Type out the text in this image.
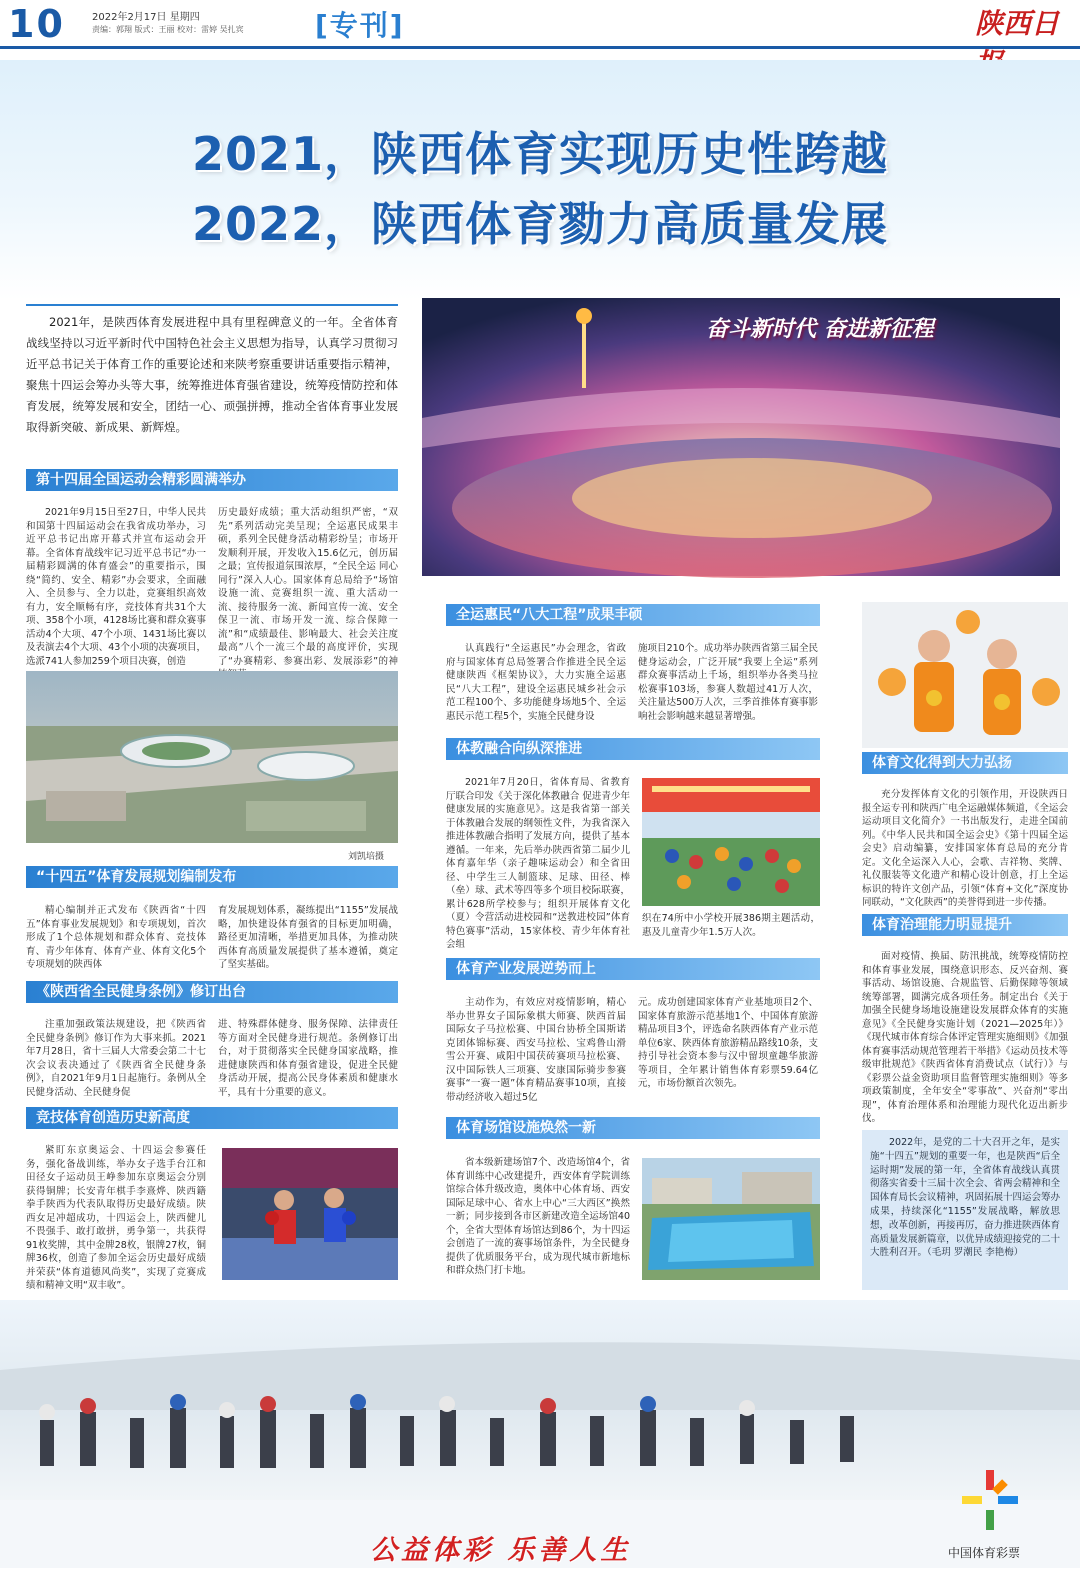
10	2022年2月17日 星期四
责编：郭翔 版式：王丽 校对：雷婷 吴扎宾	[专刊]	陕西日
2021，陕西体育实现历史性跨越
2022，陕西体育勠力高质量发展
2021年，是陕西体育发展进程中具有里程碑意义的一年。全省体育战线坚持以习近平新时代中国特色社会主义思想为指导，认真学习贯彻习近平总书记关于体育工作的重要论述和来陕考察重要讲话重要指示精神，聚焦十四运会筹办头等大事，统筹推进体育强省建设，统筹疫情防控和体育发展，统筹发展和安全，团结一心、顽强拼搏，推动全省体育事业发展取得新突破、新成果、新辉煌。
奋斗新时代 奋进新征程
第十四届全国运动会精彩圆满举办
2021年9月15日至27日，中华人民共和国第十四届运动会在我省成功举办，习近平总书记出席开幕式并宣布运动会开幕。全省体育战线牢记习近平总书记“办一届精彩圆满的体育盛会”的重要指示，围绕“简约、安全、精彩”办会要求，全面融入、全员参与、全力以赴，竞赛组织高效有力，安全顺畅有序，竞技体育共31个大项、358个小项，4128场比赛和群众赛事活动4个大项、47个小项、1431场比赛以及表演去4个大项、43个小项的决赛项目，选派741人参加259个项目决赛，创造
历史最好成绩；重大活动组织严密，“双先”系列活动完美呈现；全运惠民成果丰硕，系列全民健身活动精彩纷呈；市场开发顺利开展，开发收入15.6亿元，创历届之最；宣传报道氛围浓厚，“全民全运 同心同行”深入人心。国家体育总局给予“场馆设施一流、竞赛组织一流、重大活动一流、接待服务一流、新闻宣传一流、安全保卫一流、市场开发一流、综合保障一流”和“成绩最佳、影响最大、社会关注度最高”八个一流三个最的高度评价，实现了“办赛精彩、参赛出彩、发展添彩”的神
刘凯培摄
“十四五”体育发展规划编制发布
精心编制并正式发布《陕西省“十四五”体育事业发展规划》和专项规划，首次形成了1个总体规划和群众体育、竞技体育、青少年体育、体育产业、体育文化5个专项规划的陕西体
育发展规划体系，凝练提出“1155”发展战略，加快建设体育强省的目标更加明确，路径更加清晰，举措更加具体，为推动陕西体育高质量发展提供了基本遵循，奠定了坚实基础。
《陕西省全民健身条例》修订出台
注重加强政策法规建设，把《陕西省全民健身条例》修订作为大事来抓。2021年7月28日，省十三届人大常委会第二十七次会议表决通过了《陕西省全民健身条例》，自2021年9月1日起施行。条例从全民健身活动、全民健身促
进、特殊群体健身、服务保障、法律责任等方面对全民健身进行规范。条例修订出台，对于贯彻落实全民健身国家战略，推进健康陕西和体育强省建设，促进全民健身活动开展，提高公民身体素质和健康水平，具有十分重要的意义。
竞技体育创造历史新高度
紧盯东京奥运会、十四运会参赛任务，强化备战训练，举办女子选手台江和田径女子运动员王峥参加东京奥运会分别获得铜牌；长安青年棋手李熹烨、陕西籍拳手陕西为代表队取得历史最好成绩。陕西女足冲超成功，十四运会上，陕西健儿不畏强手、敢打敢拼，勇争第一，共获得91枚奖牌，其中金牌28枚，银牌27枚，铜牌36枚，创造了参加全运会历史最好成绩并荣获“体育道德风尚奖”，实现了竞赛成绩和精神文明“双丰收”。
全运惠民“八大工程”成果丰硕
认真践行“全运惠民”办会理念，省政府与国家体育总局签署合作推进全民全运健康陕西《框架协议》，大力实施全运惠民“八大工程”，建设全运惠民城乡社会示范工程100个、多功能健身场地5个、全运惠民示范工程5个，实施全民健身设
施项目210个。成功举办陕西省第三届全民健身运动会，广泛开展“我要上全运”系列群众赛事活动上千场，组织举办各类马拉松赛事103场，参赛人数超过41万人次，关注量达500万人次，三季首推体育赛事影响社会影响越来越显著增强。
体教融合向纵深推进
2021年7月20日，省体育局、省教育厅联合印发《关于深化体教融合 促进青少年健康发展的实施意见》。这是我省第一部关于体教融合发展的纲领性文件，为我省深入推进体教融合指明了发展方向，提供了基本遵循。一年来，先后举办陕西省第二届少儿体育嘉年华（亲子趣味运动会）和全省田径、中学生三人制篮球、足球、田径、棒（垒）球、武术等四等多个项目校际联赛，累计628所学校参与；组织开展体育文化（夏）令营活动进校园和“送教进校园”体育特色赛事”活动，15家体校、青少年体育社会组
织在74所中小学校开展386期主题活动，惠及儿童青少年1.5万人次。
体育产业发展逆势而上
主动作为，有效应对疫情影响，精心举办世界女子国际象棋大师赛、陕西首届国际女子马拉松赛、中国台协桥全国斯诺克团体锦标赛、西安马拉松、宝鸡鲁山滑雪公开赛、咸阳中国茯砖赛项马拉松赛、汉中国际铁人三项赛、安康国际骑步参赛赛事“一赛一题”体育精品赛事10项，直接带动经济收入超过5亿
元。成功创建国家体育产业基地项目2个、国家体育旅游示范基地1个、中国体育旅游精品项目3个，评选命名陕西体育产业示范单位6家、陕西体育旅游精品路线10条，支持引导社会资本参与汉中留坝童趣华旅游等项目，全年累计销售体育彩票59.64亿元，市场份额首次领先。
体育场馆设施焕然一新
省本级新建场馆7个、改造场馆4个，省体育训练中心改建提升，西安体育学院训练馆综合体升级改造，奥体中心体育场、西安国际足球中心、省水上中心“三大西区”换然一新；同步接到各市区新建改造全运场馆40个，全省大型体育场馆达到86个，为十四运会创造了一流的赛事场馆条件，为全民健身提供了优质服务平台，成为现代城市新地标和群众热门打卡地。
体育文化得到大力弘扬
充分发挥体育文化的引领作用，开设陕西日报全运专刊和陕西广电全运融媒体频道，《全运会运动项目文化简介》一书出版发行，走进全国前列。《中华人民共和国全运会史》《第十四届全运会史》启动编纂，安排国家体育总局的充分肯定。文化全运深入人心，会歌、吉祥物、奖牌、礼仪服装等文化遗产和精心设计创意，打上全运标识的特许文创产品，引领“体育+文化”深度协同联动，“文化陕西”的美誉得到进一步传播。
体育治理能力明显提升
面对疫情、换届、防汛挑战，统筹疫情防控和体育事业发展，围绕意识形态、反兴奋剂、赛事活动、场馆设施、合规监管、后勤保障等领域统筹部署，圆满完成各项任务。制定出台《关于加强全民健身场地设施建设发展群众体育的实施意见》《全民健身实施计划（2021—2025年）》《现代城市体育综合体评定管理实施细则》《加强体育赛事活动规范管理若干举措》《运动员技术等级审批规范》《陕西省体育消费试点（试行）》与《彩票公益金资助项目监督管理实施细则》等多项政策制度，全年安全“零事故”、兴奋剂“零出现”，体育治理体系和治理能力现代化迈出新步伐。
2022年，是党的二十大召开之年，是实施“十四五”规划的重要一年，也是陕西“后全运时期”发展的第一年，全省体育战线认真贯彻落实省委十三届十次全会、省两会精神和全国体育局长会议精神，巩固拓展十四运会筹办成果，持续深化“1155”发展战略，解放思想，改革创新，再接再厉，奋力推进陕西体育高质量发展新篇章，以优异成绩迎接党的二十大胜利召开。（毛玥 罗潮民 李艳梅）
公益体彩 乐善人生	中国体育彩票
